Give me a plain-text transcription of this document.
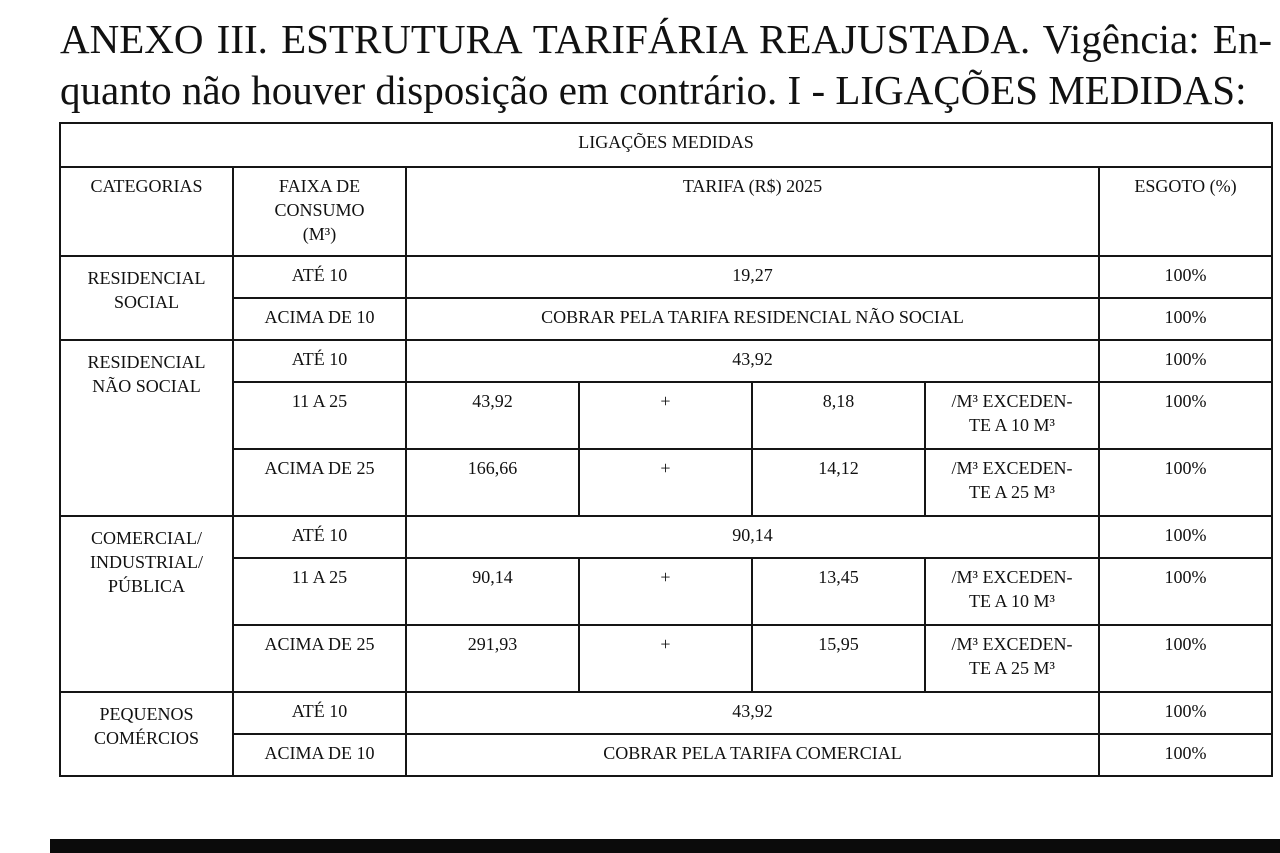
ANEXO III. ESTRUTURA TARIFÁRIA REAJUSTADA. Vigência: En-
quanto não houver disposição em contrário. I - LIGAÇÕES MEDIDAS:
LIGAÇÕES MEDIDAS						
CATEGORIAS	FAIXA DE
CONSUMO
(M³)	TARIFA (R$) 2025				ESGOTO (%)

RESIDENCIAL
SOCIAL	ATÉ 10	19,27				100%
	ACIMA DE 10	COBRAR PELA TARIFA RESIDENCIAL NÃO SOCIAL				100%

RESIDENCIAL
NÃO SOCIAL	ATÉ 10	43,92				100%
	11 A 25	43,92	+	8,18	/M³ EXCEDEN-
TE A 10 M³	100%
	ACIMA DE 25	166,66	+	14,12	/M³ EXCEDEN-
TE A 25 M³	100%

COMERCIAL/
INDUSTRIAL/
PÚBLICA	ATÉ 10	90,14				100%
	11 A 25	90,14	+	13,45	/M³ EXCEDEN-
TE A 10 M³	100%
	ACIMA DE 25	291,93	+	15,95	/M³ EXCEDEN-
TE A 25 M³	100%

PEQUENOS
COMÉRCIOS	ATÉ 10	43,92				100%
	ACIMA DE 10	COBRAR PELA TARIFA COMERCIAL				100%
